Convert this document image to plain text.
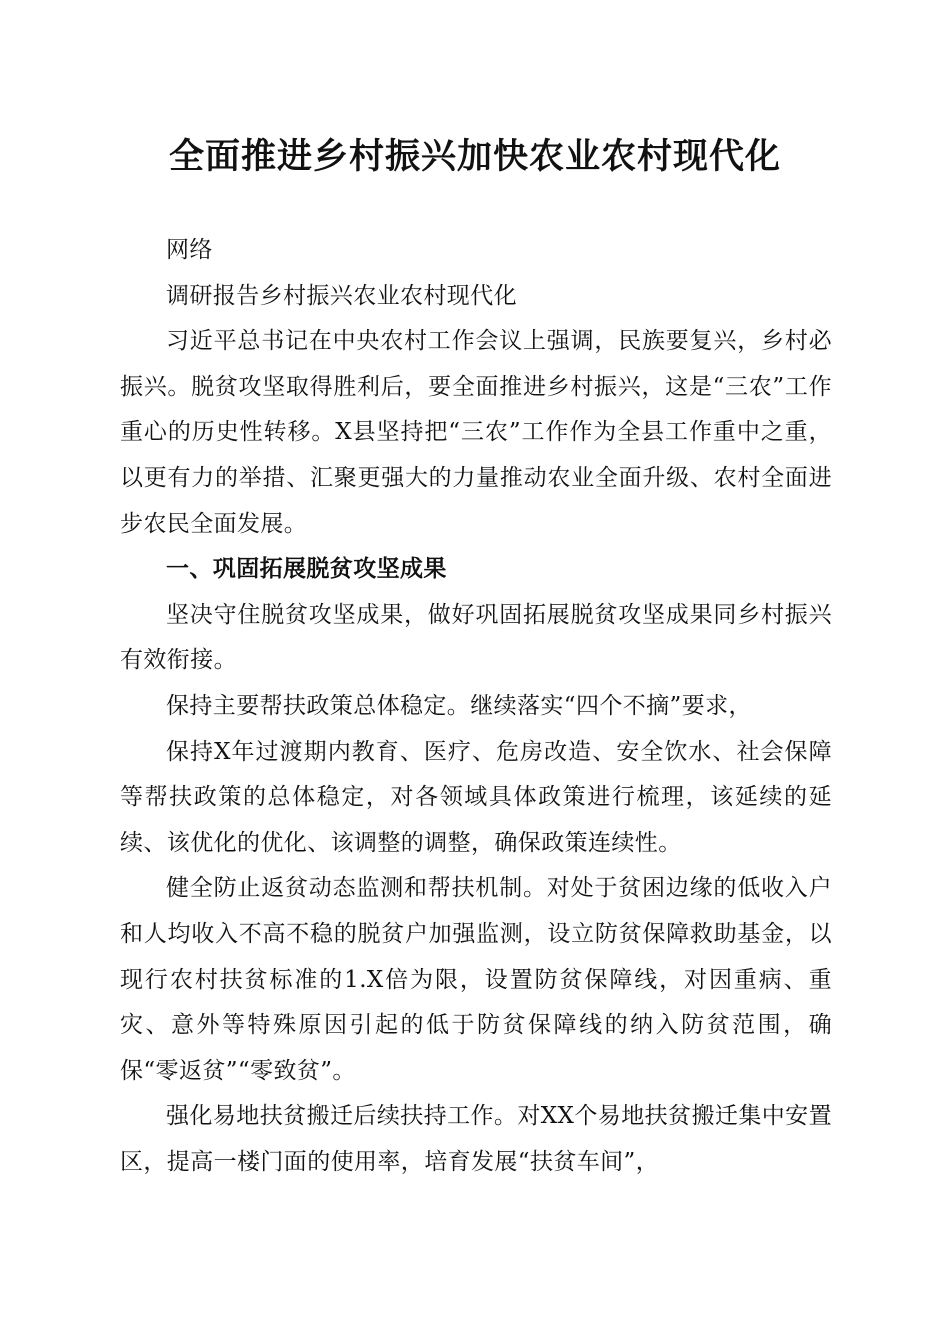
全面推进乡村振兴加快农业农村现代化

网络

调研报告乡村振兴农业农村现代化

习近平总书记在中央农村工作会议上强调，民族要复兴，乡村必振兴。脱贫攻坚取得胜利后，要全面推进乡村振兴，这是“三农”工作重心的历史性转移。X县坚持把“三农”工作作为全县工作重中之重，以更有力的举措、汇聚更强大的力量推动农业全面升级、农村全面进步农民全面发展。

一、巩固拓展脱贫攻坚成果

坚决守住脱贫攻坚成果，做好巩固拓展脱贫攻坚成果同乡村振兴有效衔接。

保持主要帮扶政策总体稳定。继续落实“四个不摘”要求，

保持X年过渡期内教育、医疗、危房改造、安全饮水、社会保障等帮扶政策的总体稳定，对各领域具体政策进行梳理，该延续的延续、该优化的优化、该调整的调整，确保政策连续性。

健全防止返贫动态监测和帮扶机制。对处于贫困边缘的低收入户和人均收入不高不稳的脱贫户加强监测，设立防贫保障救助基金，以现行农村扶贫标准的1.X倍为限，设置防贫保障线，对因重病、重灾、意外等特殊原因引起的低于防贫保障线的纳入防贫范围，确保“零返贫”“零致贫”。

强化易地扶贫搬迁后续扶持工作。对XX个易地扶贫搬迁集中安置区，提高一楼门面的使用率，培育发展“扶贫车间”，
